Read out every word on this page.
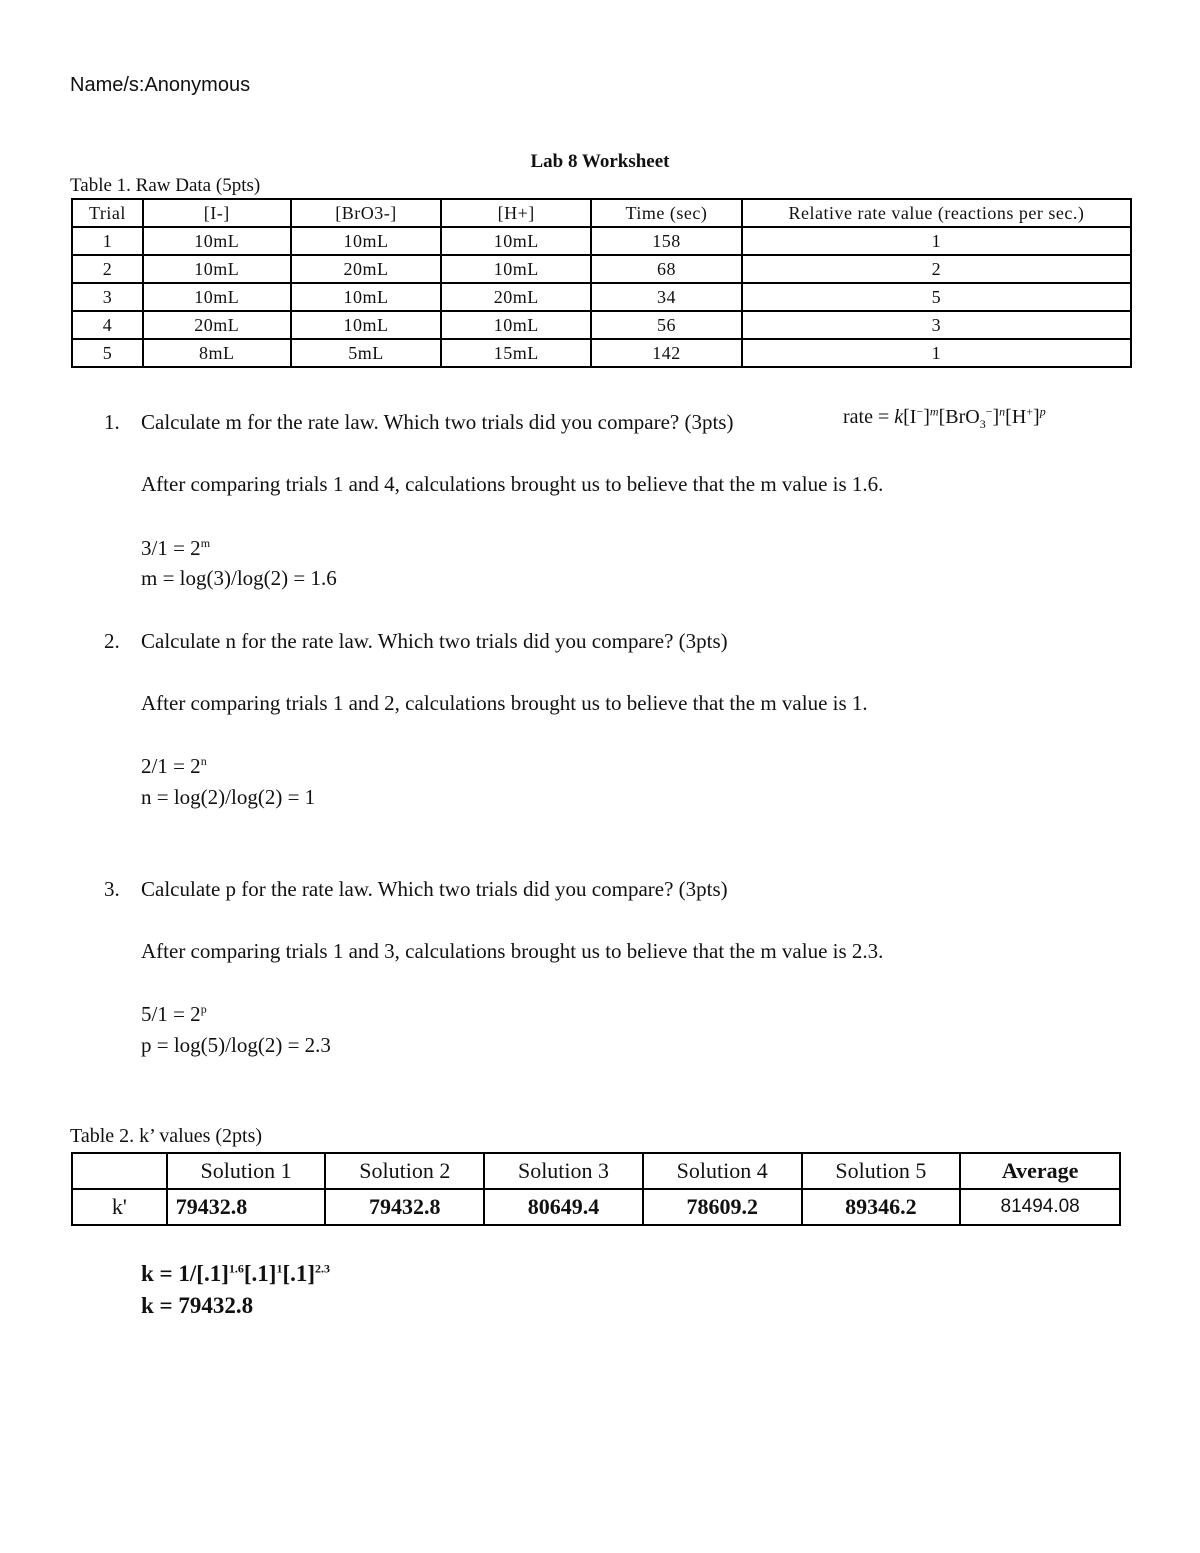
Name/s:Anonymous
Lab 8 Worksheet
Table 1. Raw Data (5pts)
Trial	[I-]	[BrO3-]	[H+]	Time (sec)	Relative rate value (reactions per sec.)
1	10mL	10mL	10mL	158	1
2	10mL	20mL	10mL	68	2
3	10mL	10mL	20mL	34	5
4	20mL	10mL	10mL	56	3
5	8mL	5mL	15mL	142	1
rate = $k[I^-]^m[BrO_3^-]^n[H^+]^p$
1. Calculate m for the rate law. Which two trials did you compare? (3pts)
After comparing trials 1 and 4, calculations brought us to believe that the m value is 1.6.
$3/1 = 2^m$
m = log(3)/log(2) = 1.6
2. Calculate n for the rate law. Which two trials did you compare? (3pts)
After comparing trials 1 and 2, calculations brought us to believe that the m value is 1.
$2/1 = 2^n$
n = log(2)/log(2) = 1
3. Calculate p for the rate law. Which two trials did you compare? (3pts)
After comparing trials 1 and 3, calculations brought us to believe that the m value is 2.3.
$5/1 = 2^p$
p = log(5)/log(2) = 2.3
Table 2. k’ values (2pts)
	Solution 1	Solution 2	Solution 3	Solution 4	Solution 5	Average
k'	79432.8	79432.8	80649.4	78609.2	89346.2	81494.08
$k = 1/[.1]^{1.6}[.1]^1[.1]^{2.3}$
k = 79432.8
